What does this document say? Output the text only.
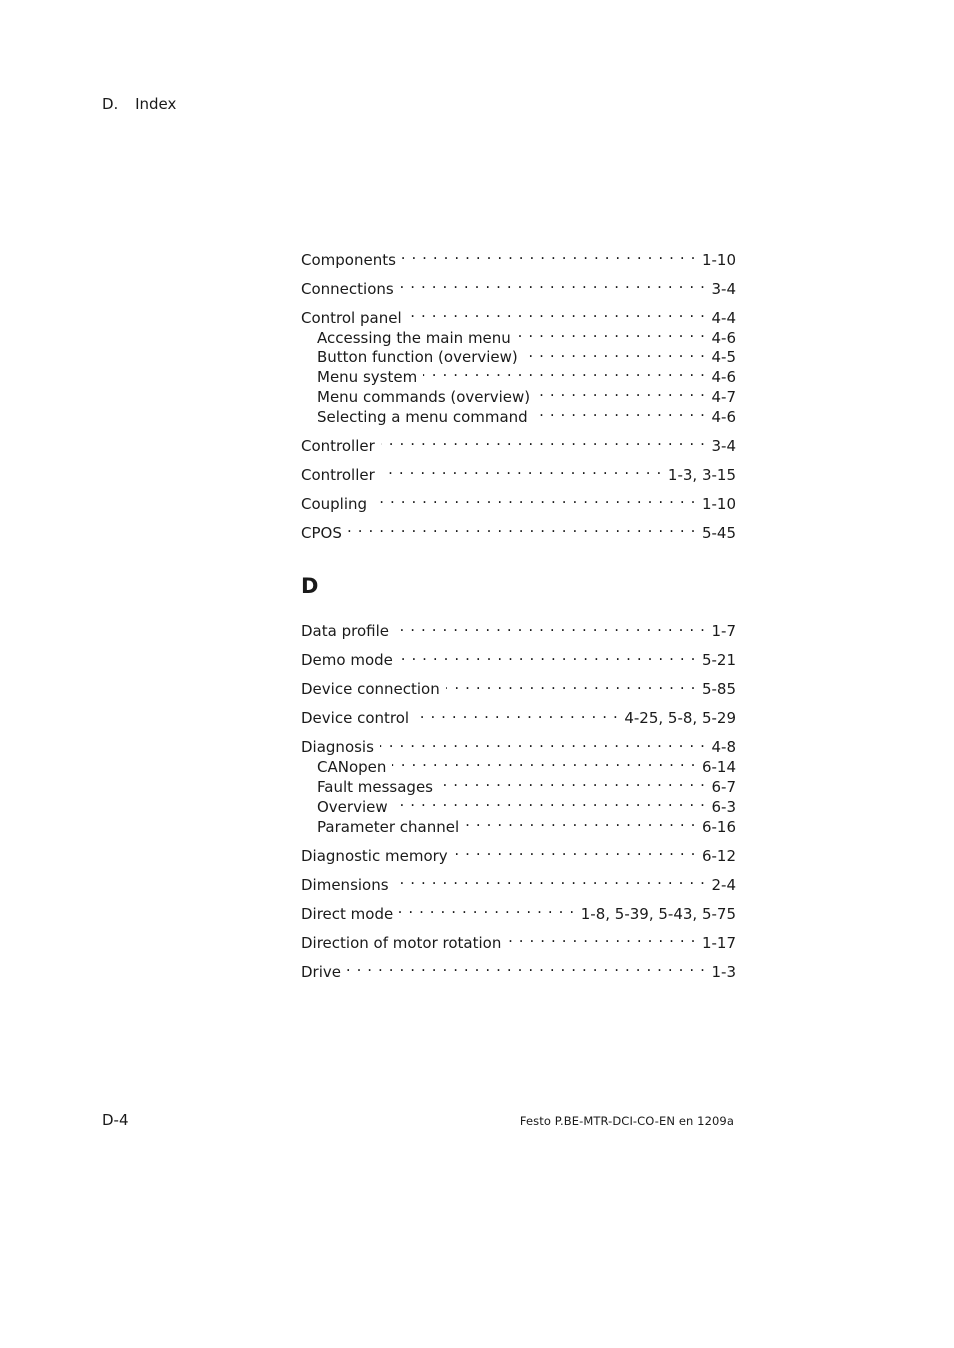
D. Index
Components . . .	1-10
Connections . . .	3-4
Control panel . . .	4-4
Accessing the main menu . . .	4-6
Button function (overview) . . .	4-5
Menu system . . .	4-6
Menu commands (overview) . . .	4-7
Selecting a menu command . . .	4-6
Controller . . .	3-4
Controller . . .	1-3, 3-15
Coupling . . .	1-10
CPOS . . .	5-45
D
Data profile . . .	1-7
Demo mode . . .	5-21
Device connection . . .	5-85
Device control . . .	4-25, 5-8, 5-29
Diagnosis . . .	4-8
CANopen . . .	6-14
Fault messages . . .	6-7
Overview . . .	6-3
Parameter channel . . .	6-16
Diagnostic memory . . .	6-12
Dimensions . . .	2-4
Direct mode . . .	1-8, 5-39, 5-43, 5-75
Direction of motor rotation . . .	1-17
Drive . . .	1-3
D-4	Festo P.BE-MTR-DCI-CO-EN en 1209a
